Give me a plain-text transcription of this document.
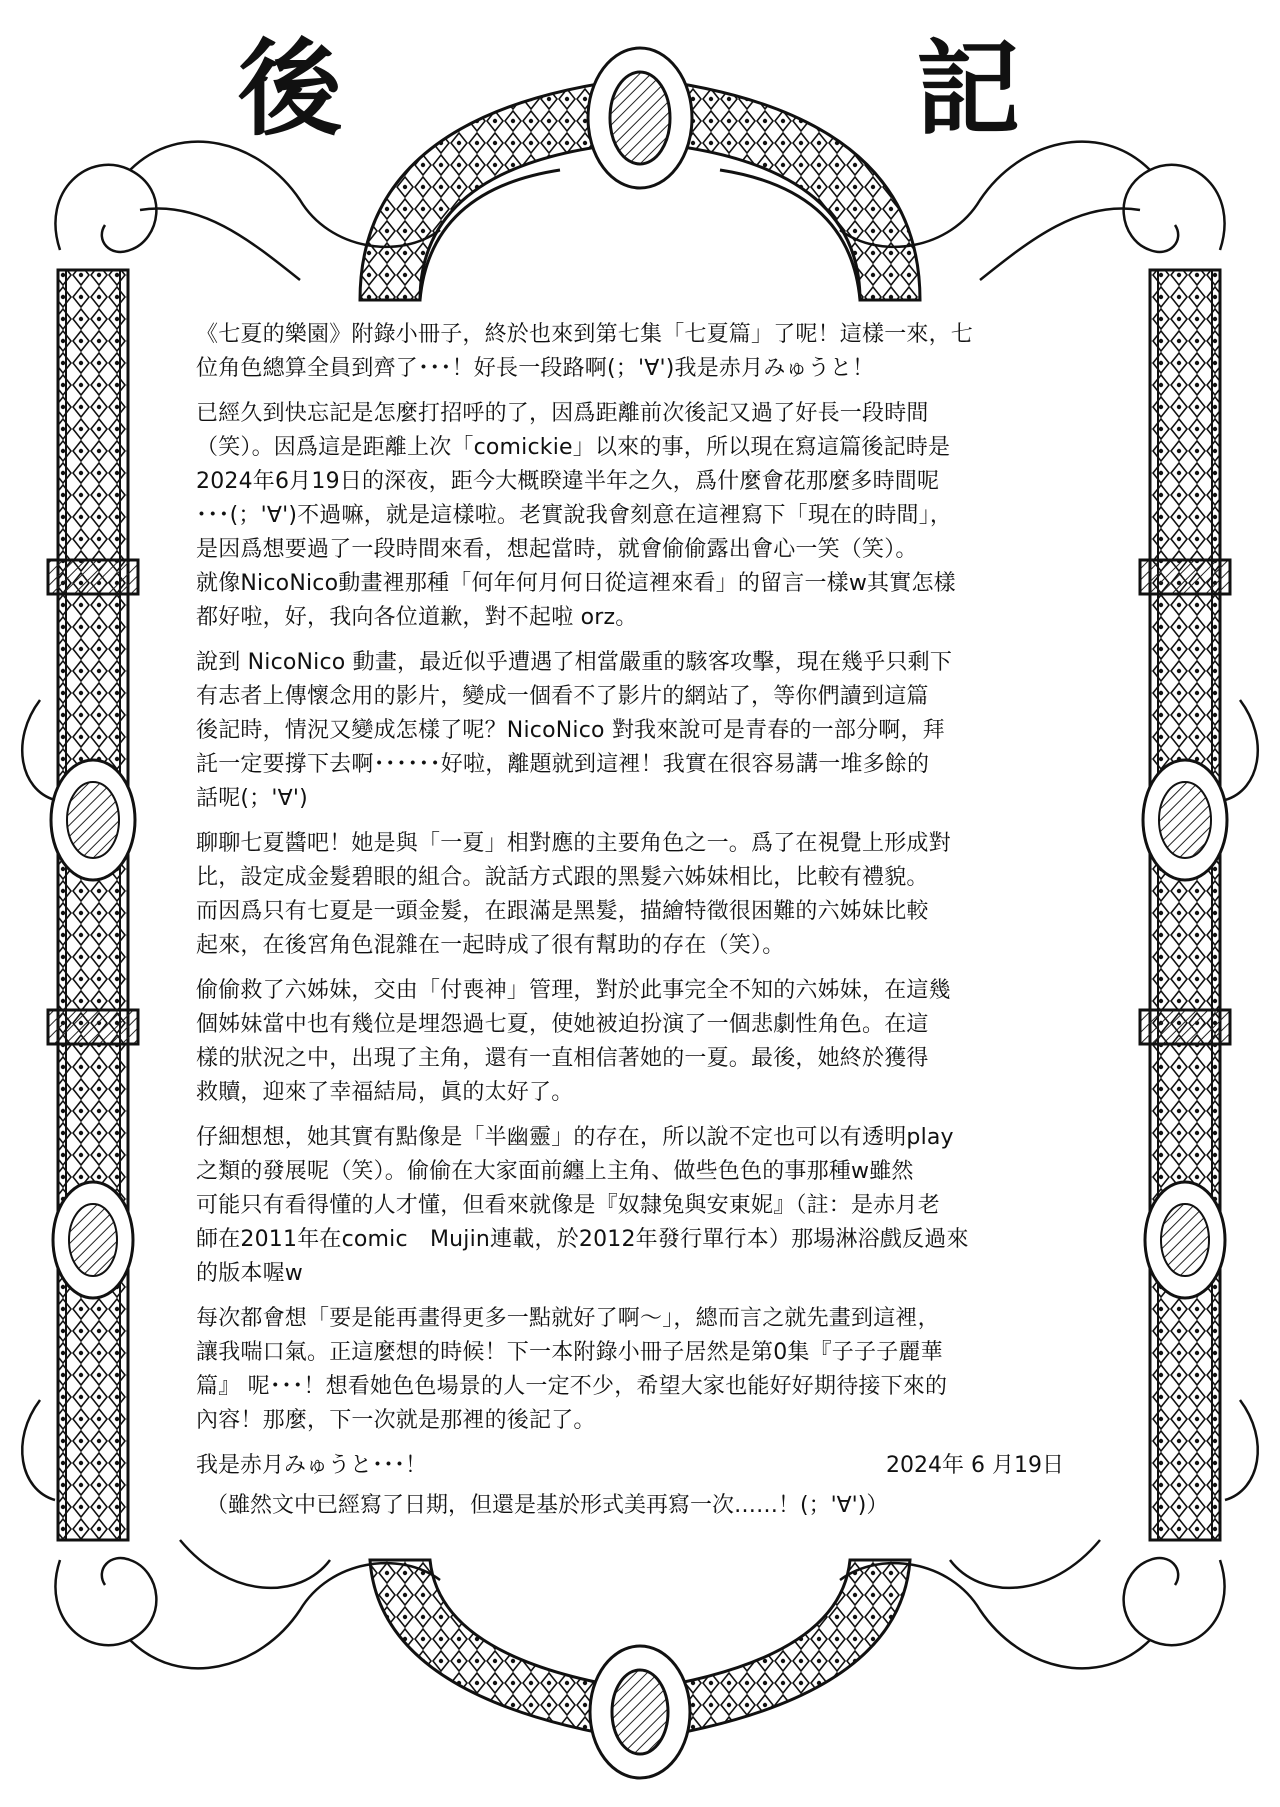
後	記
《七夏的樂園》附錄小冊子，終於也來到第七集「七夏篇」了呢！這樣一來，七
位角色總算全員到齊了･･･！好長一段路啊(；'∀')我是赤月みゅうと！
已經久到快忘記是怎麼打招呼的了，因爲距離前次後記又過了好長一段時間
（笑）。因爲這是距離上次「comickie」以來的事，所以現在寫這篇後記時是
2024年6月19日的深夜，距今大概睽違半年之久，爲什麼會花那麼多時間呢
･･･(；'∀')不過嘛，就是這樣啦。老實說我會刻意在這裡寫下「現在的時間」，
是因爲想要過了一段時間來看，想起當時，就會偷偷露出會心一笑（笑）。
就像NicoNico動畫裡那種「何年何月何日從這裡來看」的留言一樣w其實怎樣
都好啦，好，我向各位道歉，對不起啦 orz。
說到 NicoNico 動畫，最近似乎遭遇了相當嚴重的駭客攻擊，現在幾乎只剩下
有志者上傳懷念用的影片，變成一個看不了影片的網站了，等你們讀到這篇
後記時，情況又變成怎樣了呢？NicoNico 對我來說可是青春的一部分啊，拜
託一定要撐下去啊･･････好啦，離題就到這裡！我實在很容易講一堆多餘的
話呢(；'∀')
聊聊七夏醬吧！她是與「一夏」相對應的主要角色之一。爲了在視覺上形成對
比，設定成金髮碧眼的組合。說話方式跟的黑髮六姊妹相比，比較有禮貌。
而因爲只有七夏是一頭金髮，在跟滿是黑髮，描繪特徵很困難的六姊妹比較
起來，在後宮角色混雜在一起時成了很有幫助的存在（笑）。
偷偷救了六姊妹，交由「付喪神」管理，對於此事完全不知的六姊妹，在這幾
個姊妹當中也有幾位是埋怨過七夏，使她被迫扮演了一個悲劇性角色。在這
樣的狀況之中，出現了主角，還有一直相信著她的一夏。最後，她終於獲得
救贖，迎來了幸福結局，眞的太好了。
仔細想想，她其實有點像是「半幽靈」的存在，所以說不定也可以有透明play
之類的發展呢（笑）。偷偷在大家面前纏上主角、做些色色的事那種w雖然
可能只有看得懂的人才懂，但看來就像是『奴隸兔與安東妮』（註：是赤月老
師在2011年在comic　Mujin連載，於2012年發行單行本）那場淋浴戲反過來
的版本喔w
每次都會想「要是能再畫得更多一點就好了啊～」，總而言之就先畫到這裡，
讓我喘口氣。正這麼想的時候！下一本附錄小冊子居然是第0集『子子子麗華
篇』 呢･･･！想看她色色場景的人一定不少，希望大家也能好好期待接下來的
內容！那麼，下一次就是那裡的後記了。
我是赤月みゅうと･･･！	2024年 6 月19日
（雖然文中已經寫了日期，但還是基於形式美再寫一次……！(；'∀')）
